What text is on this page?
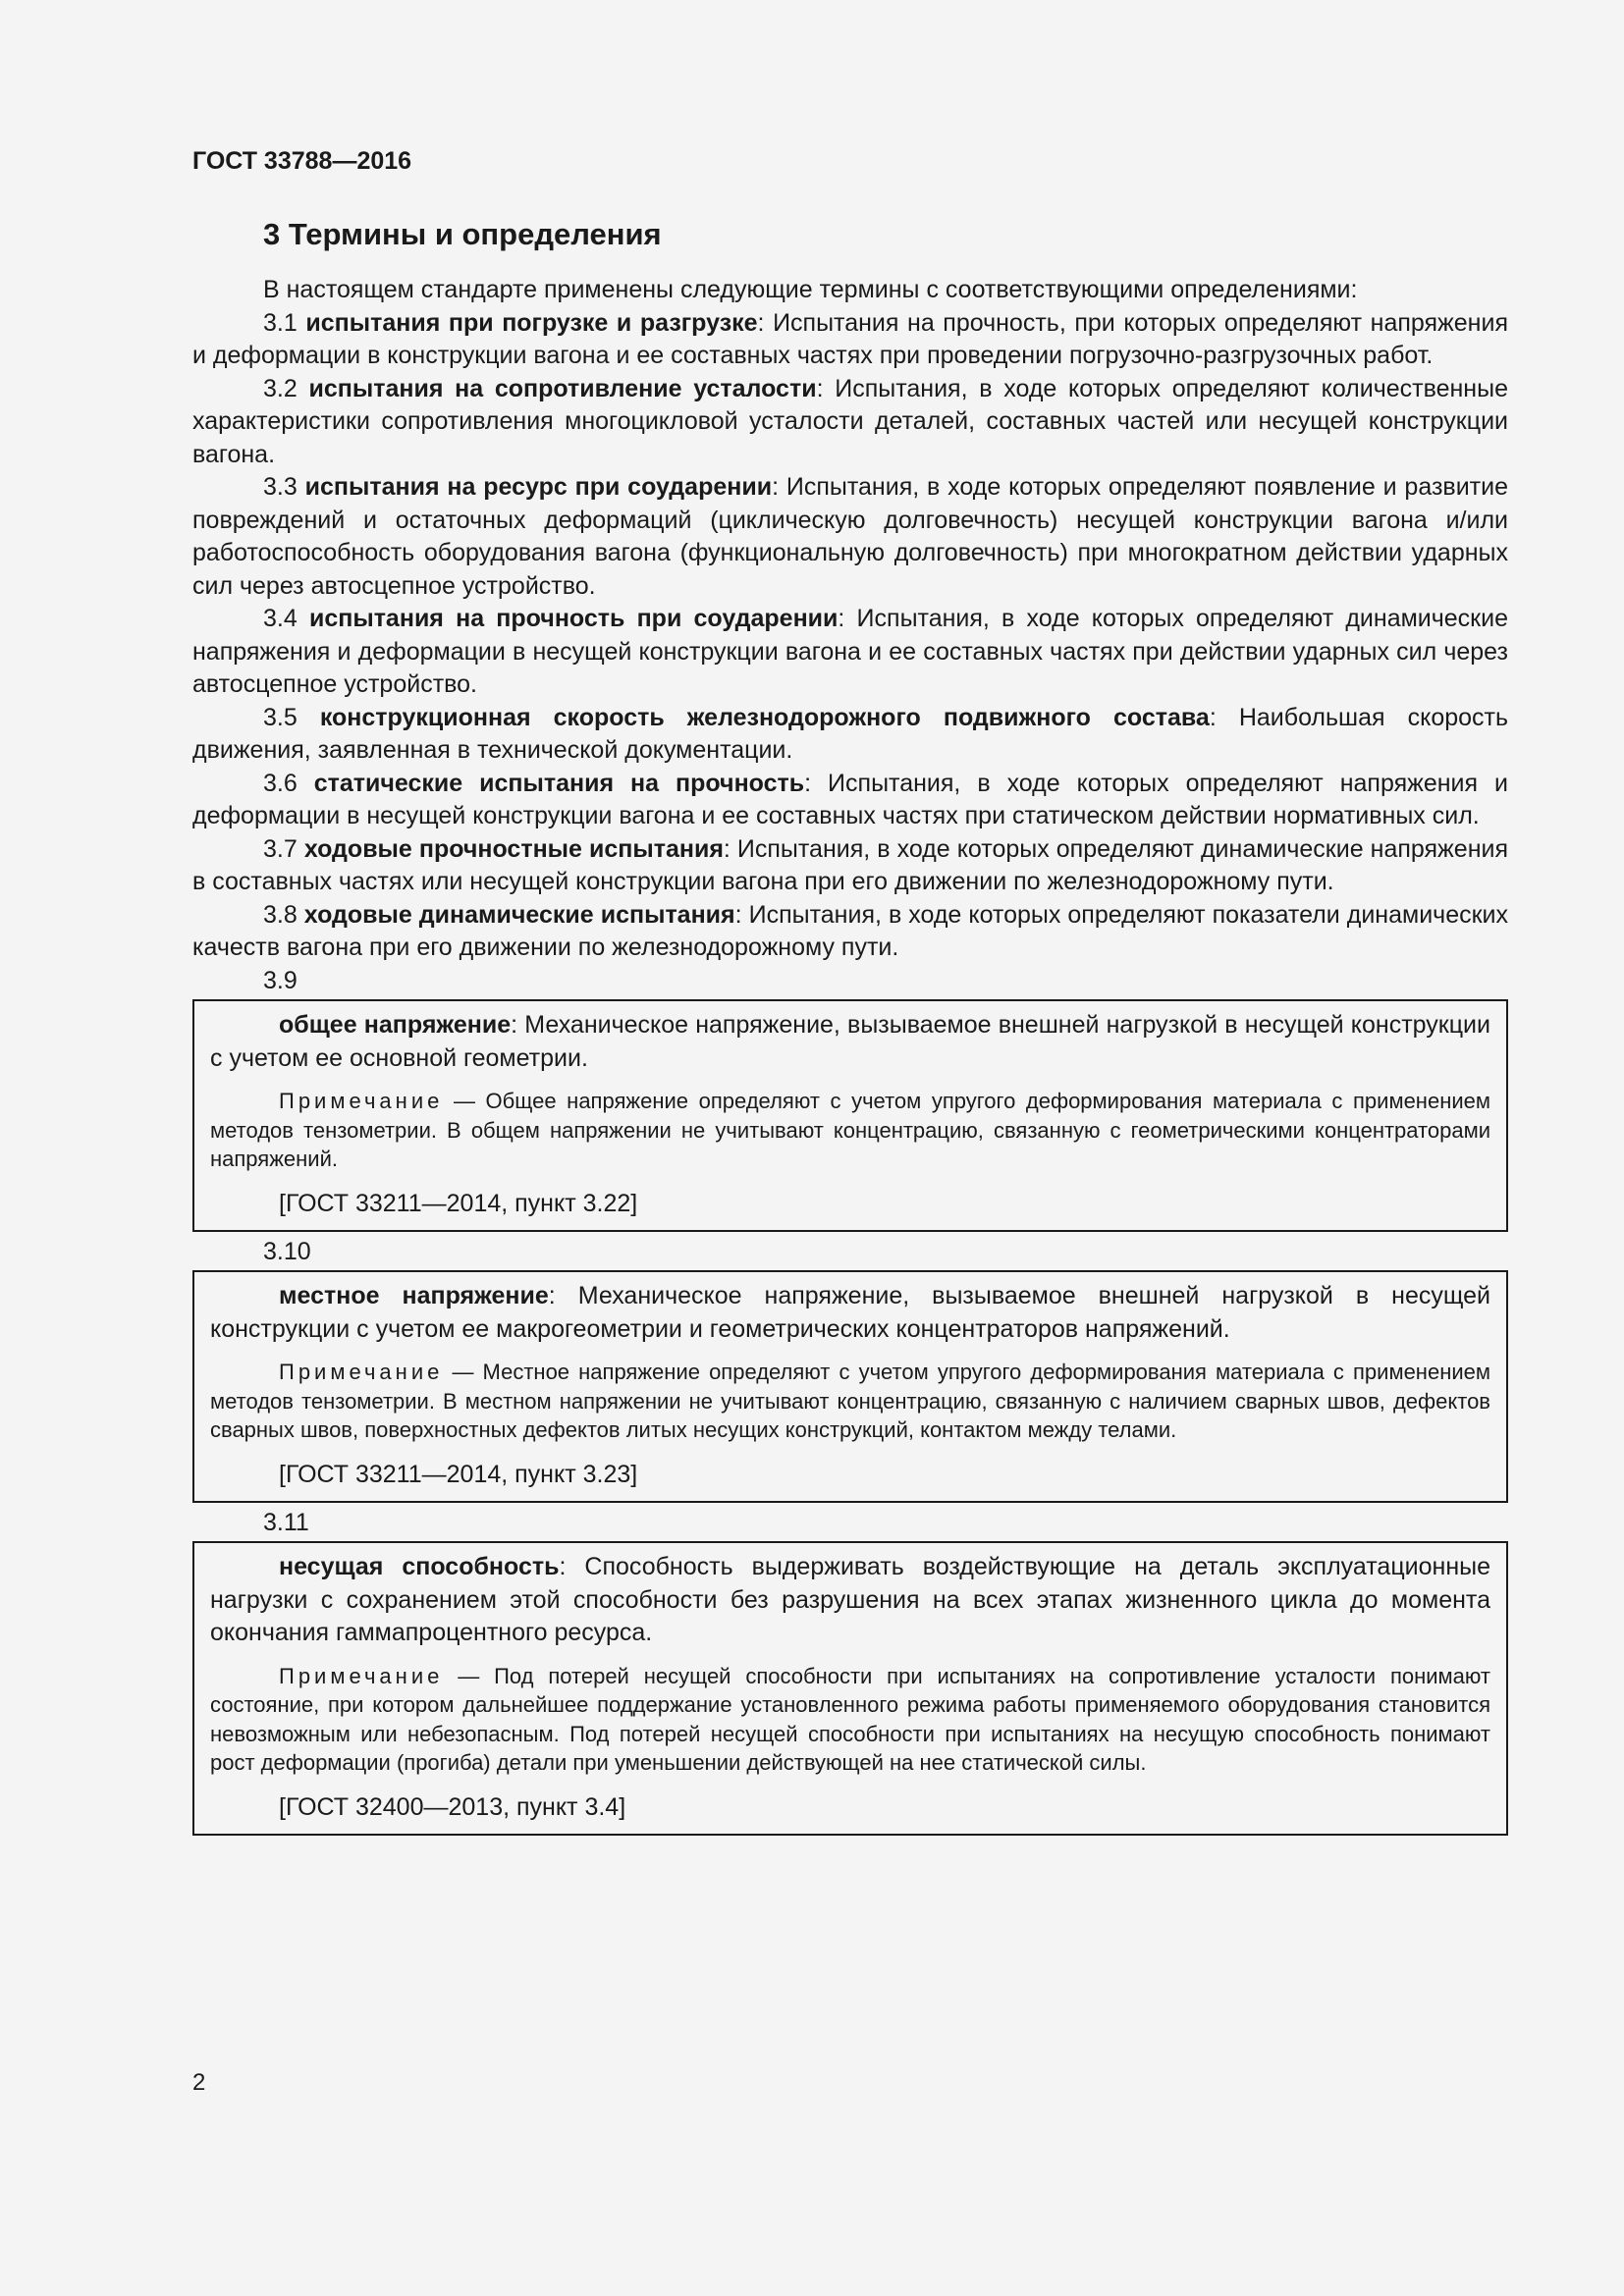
ГОСТ 33788—2016
3 Термины и определения

В настоящем стандарте применены следующие термины с соответствующими определениями:

3.1 испытания при погрузке и разгрузке: Испытания на прочность, при которых определяют напряжения и деформации в конструкции вагона и ее составных частях при проведении погрузочно-разгрузочных работ.

3.2 испытания на сопротивление усталости: Испытания, в ходе которых определяют количественные характеристики сопротивления многоцикловой усталости деталей, составных частей или несущей конструкции вагона.

3.3 испытания на ресурс при соударении: Испытания, в ходе которых определяют появление и развитие повреждений и остаточных деформаций (циклическую долговечность) несущей конструкции вагона и/или работоспособность оборудования вагона (функциональную долговечность) при многократном действии ударных сил через автосцепное устройство.

3.4 испытания на прочность при соударении: Испытания, в ходе которых определяют динамические напряжения и деформации в несущей конструкции вагона и ее составных частях при действии ударных сил через автосцепное устройство.

3.5 конструкционная скорость железнодорожного подвижного состава: Наибольшая скорость движения, заявленная в технической документации.

3.6 статические испытания на прочность: Испытания, в ходе которых определяют напряжения и деформации в несущей конструкции вагона и ее составных частях при статическом действии нормативных сил.

3.7 ходовые прочностные испытания: Испытания, в ходе которых определяют динамические напряжения в составных частях или несущей конструкции вагона при его движении по железнодорожному пути.

3.8 ходовые динамические испытания: Испытания, в ходе которых определяют показатели динамических качеств вагона при его движении по железнодорожному пути.

3.9

общее напряжение: Механическое напряжение, вызываемое внешней нагрузкой в несущей конструкции с учетом ее основной геометрии.

Примечание — Общее напряжение определяют с учетом упругого деформирования материала с применением методов тензометрии. В общем напряжении не учитывают концентрацию, связанную с геометрическими концентраторами напряжений.

[ГОСТ 33211—2014, пункт 3.22]

3.10

местное напряжение: Механическое напряжение, вызываемое внешней нагрузкой в несущей конструкции с учетом ее макрогеометрии и геометрических концентраторов напряжений.

Примечание — Местное напряжение определяют с учетом упругого деформирования материала с применением методов тензометрии. В местном напряжении не учитывают концентрацию, связанную с наличием сварных швов, дефектов сварных швов, поверхностных дефектов литых несущих конструкций, контактом между телами.

[ГОСТ 33211—2014, пункт 3.23]

3.11

несущая способность: Способность выдерживать воздействующие на деталь эксплуатационные нагрузки с сохранением этой способности без разрушения на всех этапах жизненного цикла до момента окончания гаммапроцентного ресурса.

Примечание — Под потерей несущей способности при испытаниях на сопротивление усталости понимают состояние, при котором дальнейшее поддержание установленного режима работы применяемого оборудования становится невозможным или небезопасным. Под потерей несущей способности при испытаниях на несущую способность понимают рост деформации (прогиба) детали при уменьшении действующей на нее статической силы.

[ГОСТ 32400—2013, пункт 3.4]

2
